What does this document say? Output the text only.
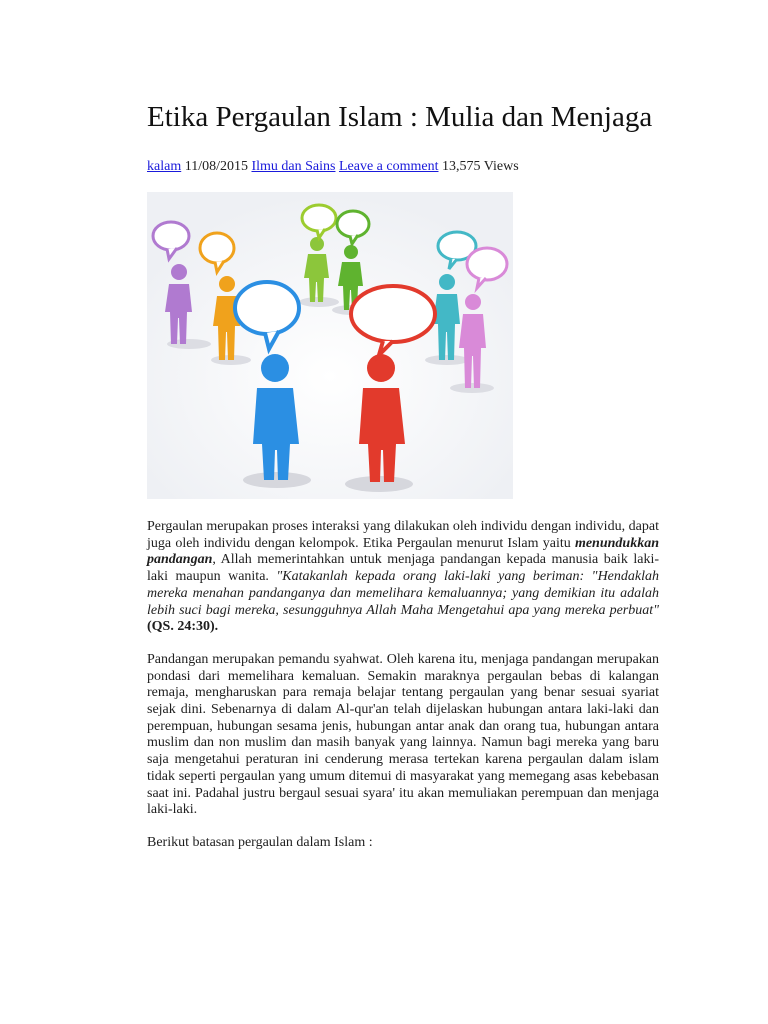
Etika Pergaulan Islam : Mulia dan Menjaga
kalam 11/08/2015 Ilmu dan Sains Leave a comment 13,575 Views

Pergaulan merupakan proses interaksi yang dilakukan oleh individu dengan individu, dapat juga oleh individu dengan kelompok. Etika Pergaulan menurut Islam yaitu menundukkan pandangan, Allah memerintahkan untuk menjaga pandangan kepada manusia baik laki-laki maupun wanita. "Katakanlah kepada orang laki-laki yang beriman: "Hendaklah mereka menahan pandanganya dan memelihara kemaluannya; yang demikian itu adalah lebih suci bagi mereka, sesungguhnya Allah Maha Mengetahui apa yang mereka perbuat" (QS. 24:30).

Pandangan merupakan pemandu syahwat. Oleh karena itu, menjaga pandangan merupakan pondasi dari memelihara kemaluan. Semakin maraknya pergaulan bebas di kalangan remaja, mengharuskan para remaja belajar tentang pergaulan yang benar sesuai syariat sejak dini. Sebenarnya di dalam Al-qur'an telah dijelaskan hubungan antara laki-laki dan perempuan, hubungan sesama jenis, hubungan antar anak dan orang tua, hubungan antara muslim dan non muslim dan masih banyak yang lainnya. Namun bagi mereka yang baru saja mengetahui peraturan ini cenderung merasa tertekan karena pergaulan dalam islam tidak seperti pergaulan yang umum ditemui di masyarakat yang memegang asas kebebasan saat ini. Padahal justru bergaul sesuai syara' itu akan memuliakan perempuan dan menjaga laki-laki.

Berikut batasan pergaulan dalam Islam :
